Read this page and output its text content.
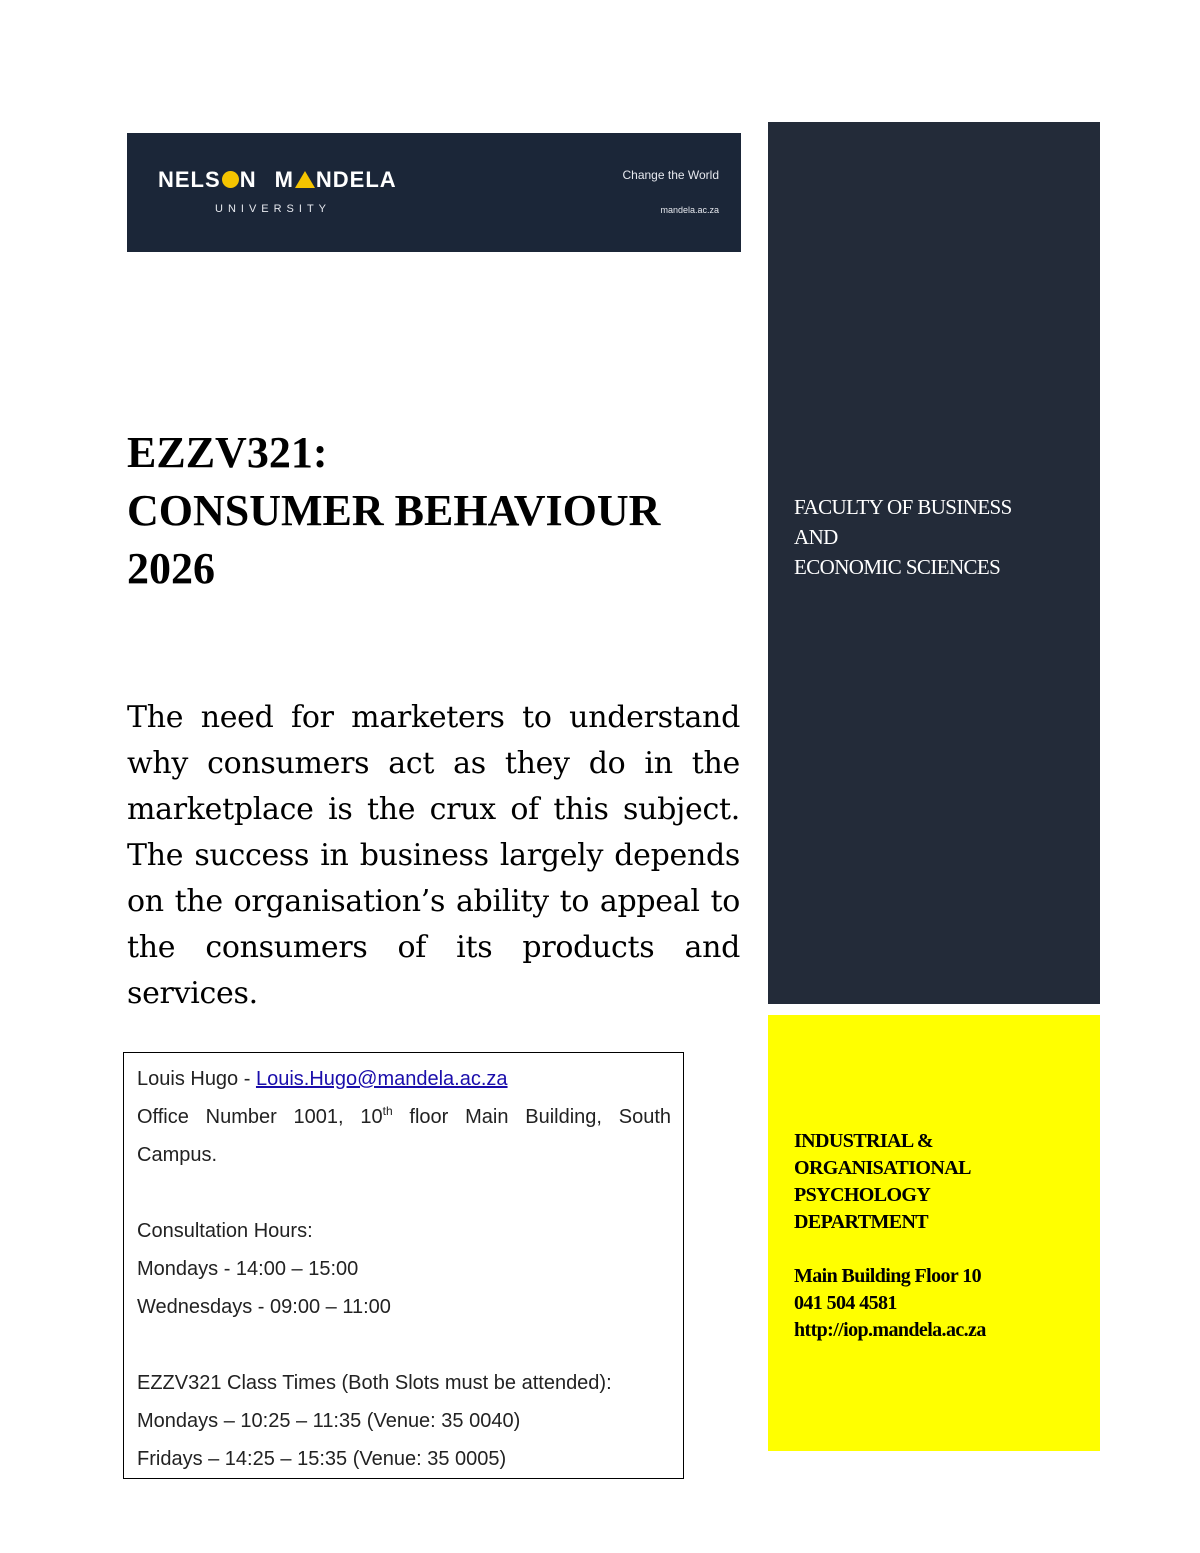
NELS N M NDELA
UNIVERSITY
Change the World
mandela.ac.za
EZZV321:
CONSUMER BEHAVIOUR
2026
The need for marketers to understand why consumers act as they do in the marketplace is the crux of this subject. The success in business largely depends on the organisation’s ability to appeal to the consumers of its products and services.
Louis Hugo - Louis.Hugo@mandela.ac.za
Office Number 1001, 10th floor Main Building, South Campus.
Consultation Hours:
Mondays - 14:00 – 15:00
Wednesdays - 09:00 – 11:00
EZZV321 Class Times (Both Slots must be attended):
Mondays – 10:25 – 11:35 (Venue: 35 0040)
Fridays – 14:25 – 15:35 (Venue: 35 0005)
FACULTY OF BUSINESS
AND
ECONOMIC SCIENCES
INDUSTRIAL &
ORGANISATIONAL
PSYCHOLOGY
DEPARTMENT
Main Building Floor 10
041 504 4581
http://iop.mandela.ac.za
